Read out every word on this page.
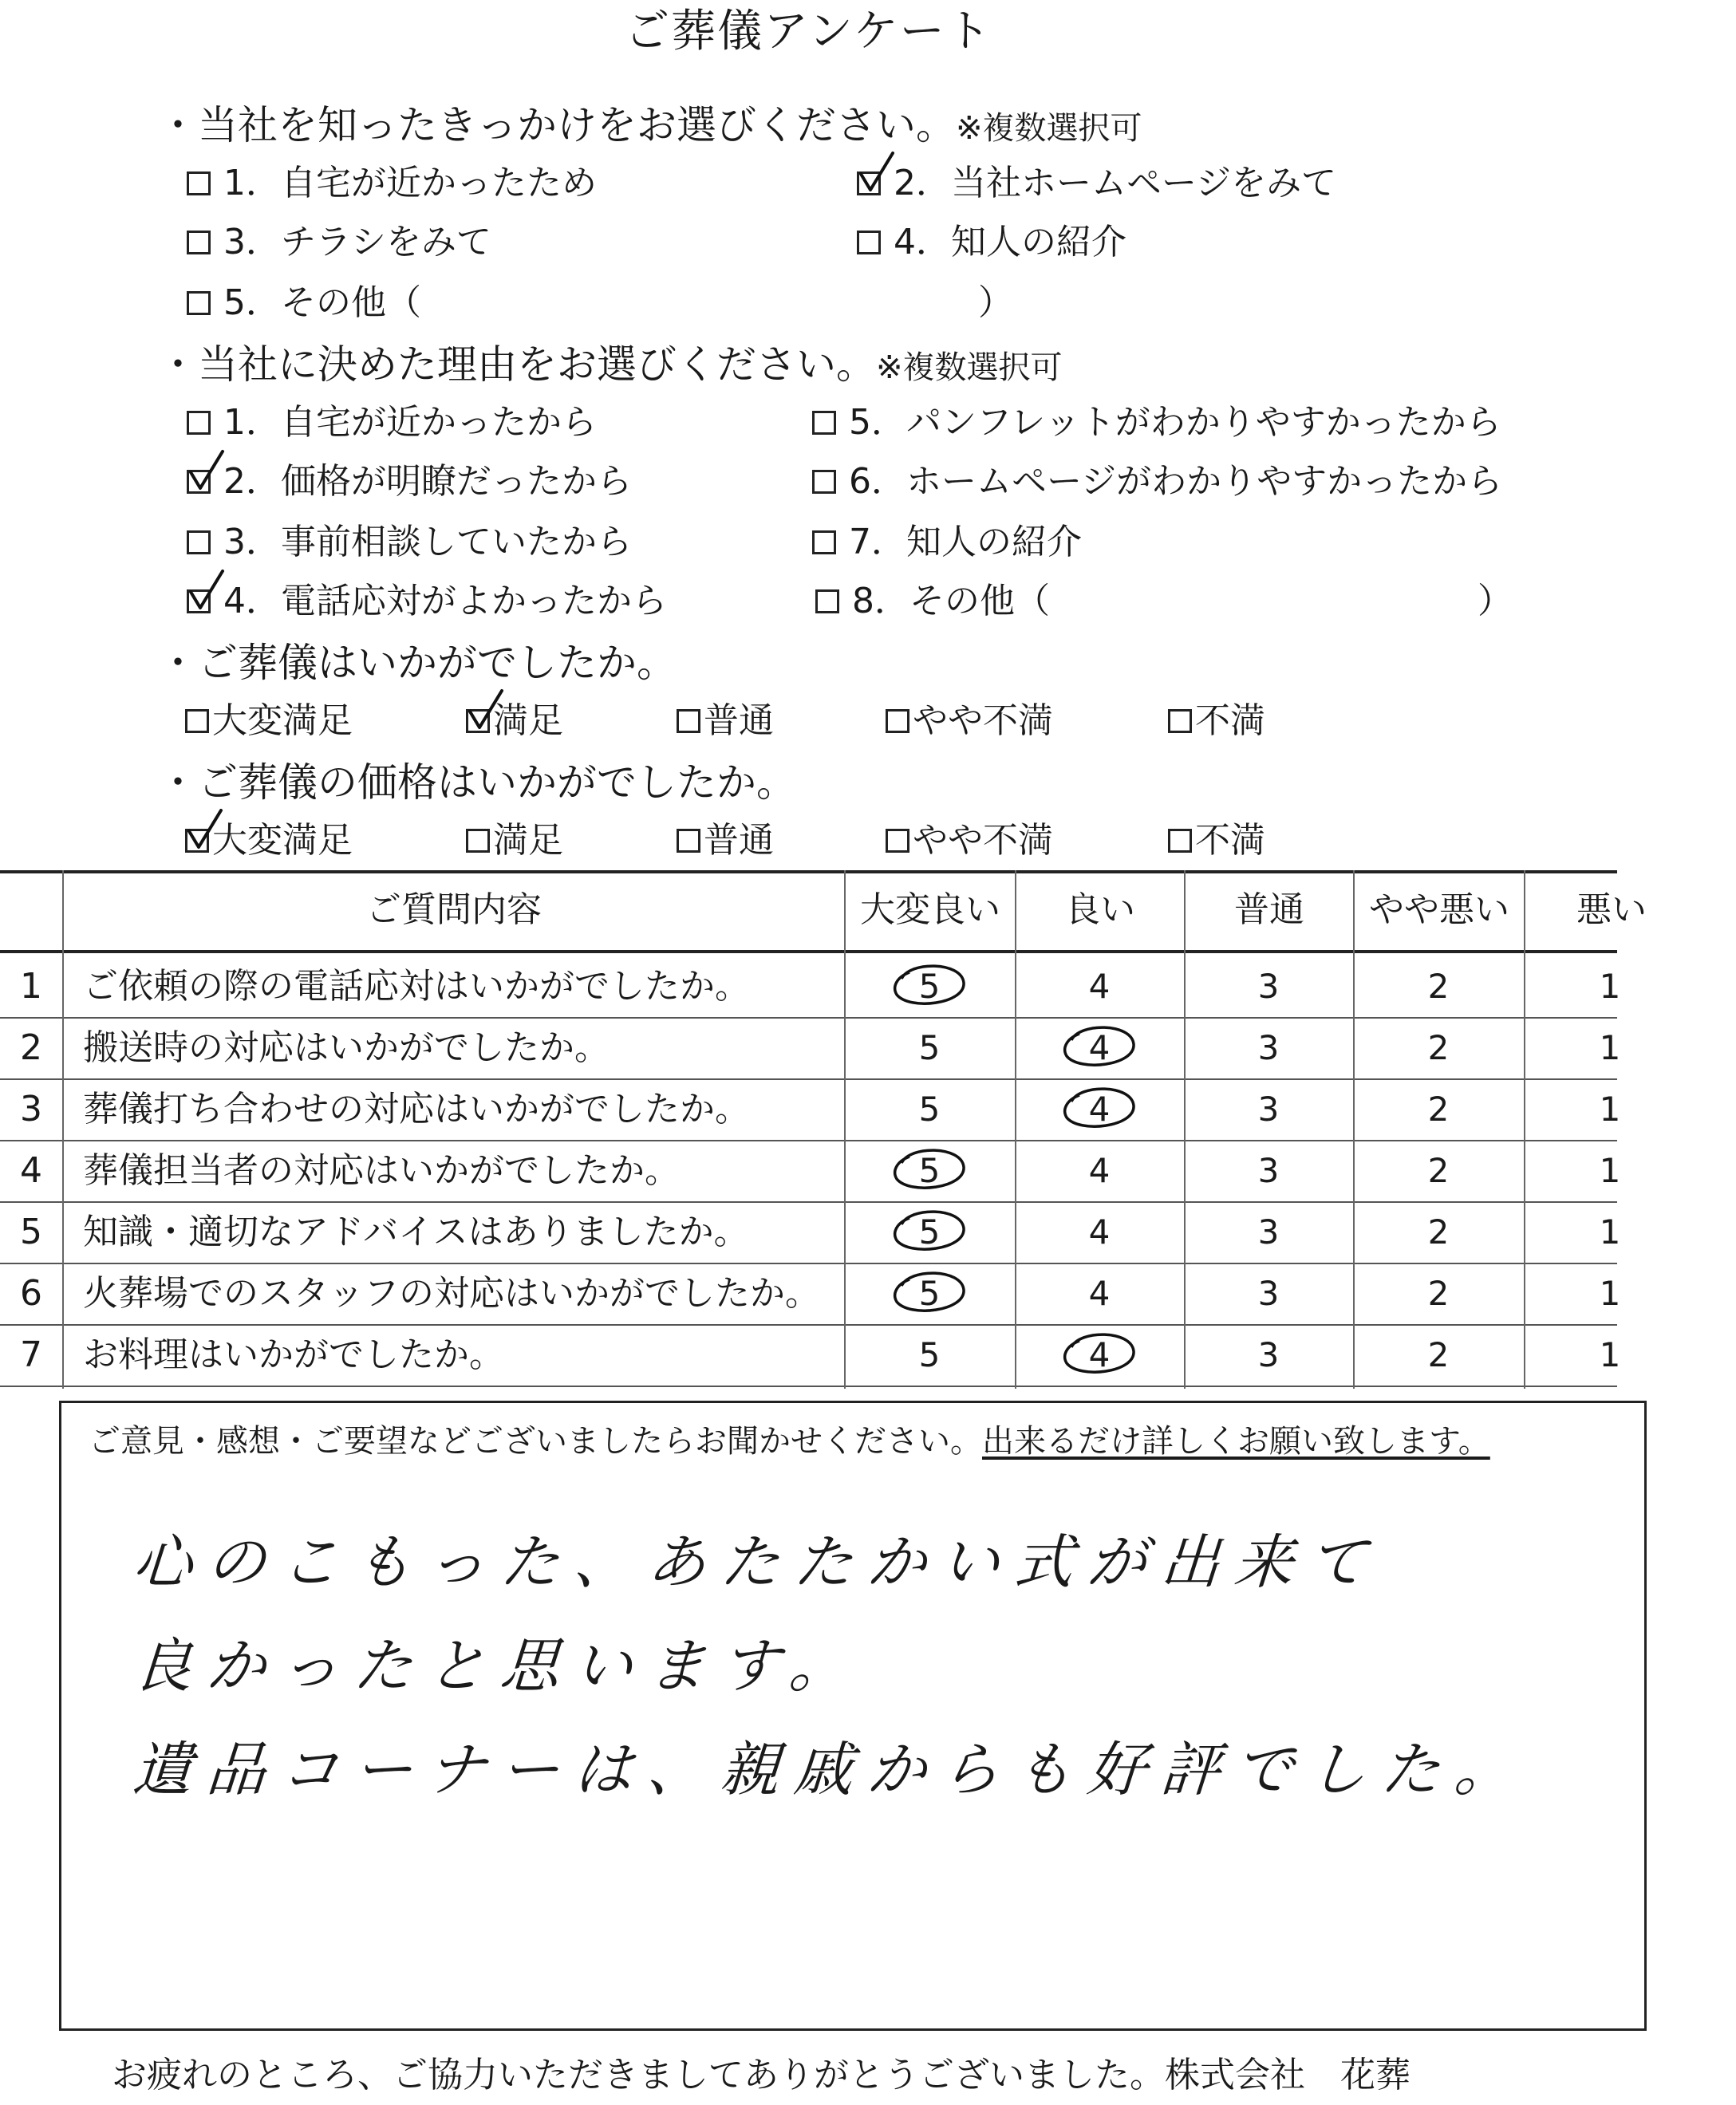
ご葬儀アンケート
・当社を知ったきっかけをお選びください。※複数選択可
1．自宅が近かったため	2．当社ホームページをみて
3．チラシをみて	4．知人の紹介
5．その他（	）
・当社に決めた理由をお選びください。※複数選択可
1．自宅が近かったから
2．価格が明瞭だったから
3．事前相談していたから
4．電話応対がよかったから
5．パンフレットがわかりやすかったから
6．ホームページがわかりやすかったから
7．知人の紹介
8．その他（	）
・ご葬儀はいかがでしたか。
大変満足	満足	普通	やや不満	不満
・ご葬儀の価格はいかがでしたか。
大変満足	満足	普通	やや不満	不満
ご質問内容	大変良い	良い	普通	やや悪い	悪い
1	ご依頼の際の電話応対はいかがでしたか。	5	4	3	2	1
2	搬送時の対応はいかがでしたか。	5	4	3	2	1
3	葬儀打ち合わせの対応はいかがでしたか。	5	4	3	2	1
4	葬儀担当者の対応はいかがでしたか。	5	4	3	2	1
5	知識・適切なアドバイスはありましたか。	5	4	3	2	1
6	火葬場でのスタッフの対応はいかがでしたか。	5	4	3	2	1
7	お料理はいかがでしたか。	5	4	3	2	1
ご意見・感想・ご要望などございましたらお聞かせください。出来るだけ詳しくお願い致します。
心のこもった、あたたかい式が出来て
良かったと思います。
遺品コーナーは、親戚からも好評でした。
お疲れのところ、ご協力いただきましてありがとうございました。株式会社　花葬
